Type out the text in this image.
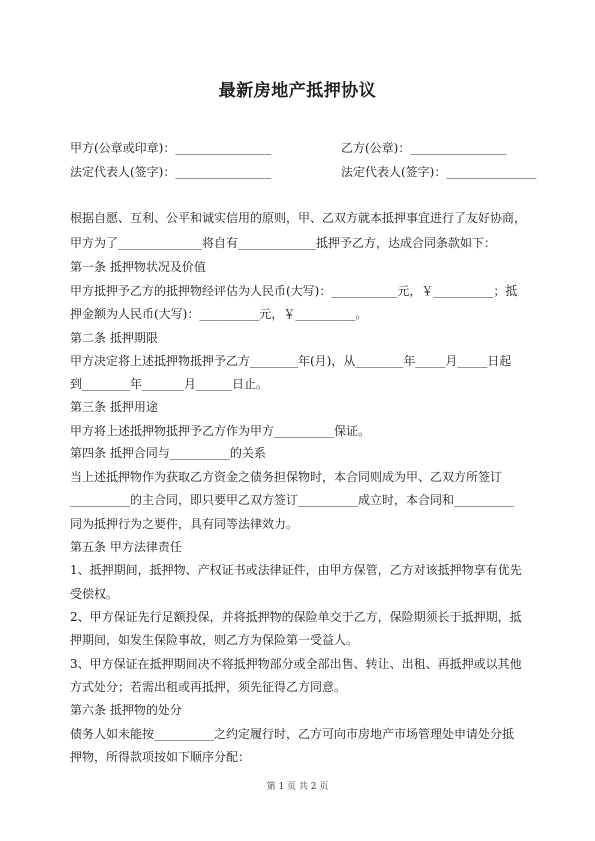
最新房地产抵押协议
甲方(公章或印章)：________________	乙方(公章)：________________
法定代表人(签字)：________________	法定代表人(签字)：_______________
根据自愿、互利、公平和诚实信用的原则，甲、乙双方就本抵押事宜进行了友好协商，
甲方为了______________将自有_____________抵押予乙方，达成合同条款如下：
第一条 抵押物状况及价值
甲方抵押予乙方的抵押物经评估为人民币(大写)：___________元，￥__________；抵
押金额为人民币(大写)：__________元，￥__________。
第二条 抵押期限
甲方决定将上述抵押物抵押予乙方________年(月)，从________年_____月_____日起
到________年_______月______日止。
第三条 抵押用途
甲方将上述抵押物抵押予乙方作为甲方__________保证。
第四条 抵押合同与__________的关系
当上述抵押物作为获取乙方资金之债务担保物时，本合同则成为甲、乙双方所签订
__________的主合同，即只要甲乙双方签订__________成立时，本合同和__________
同为抵押行为之要件，具有同等法律效力。
第五条 甲方法律责任
1、抵押期间，抵押物、产权证书或法律证件，由甲方保管，乙方对该抵押物享有优先
受偿权。
2、甲方保证先行足额投保，并将抵押物的保险单交于乙方，保险期须长于抵押期，抵
押期间，如发生保险事故，则乙方为保险第一受益人。
3、甲方保证在抵押期间决不将抵押物部分或全部出售、转让、出租、再抵押或以其他
方式处分；若需出租或再抵押，须先征得乙方同意。
第六条 抵押物的处分
债务人如未能按__________之约定履行时，乙方可向市房地产市场管理处申请处分抵
押物，所得款项按如下顺序分配：
第 1 页 共 2 页
